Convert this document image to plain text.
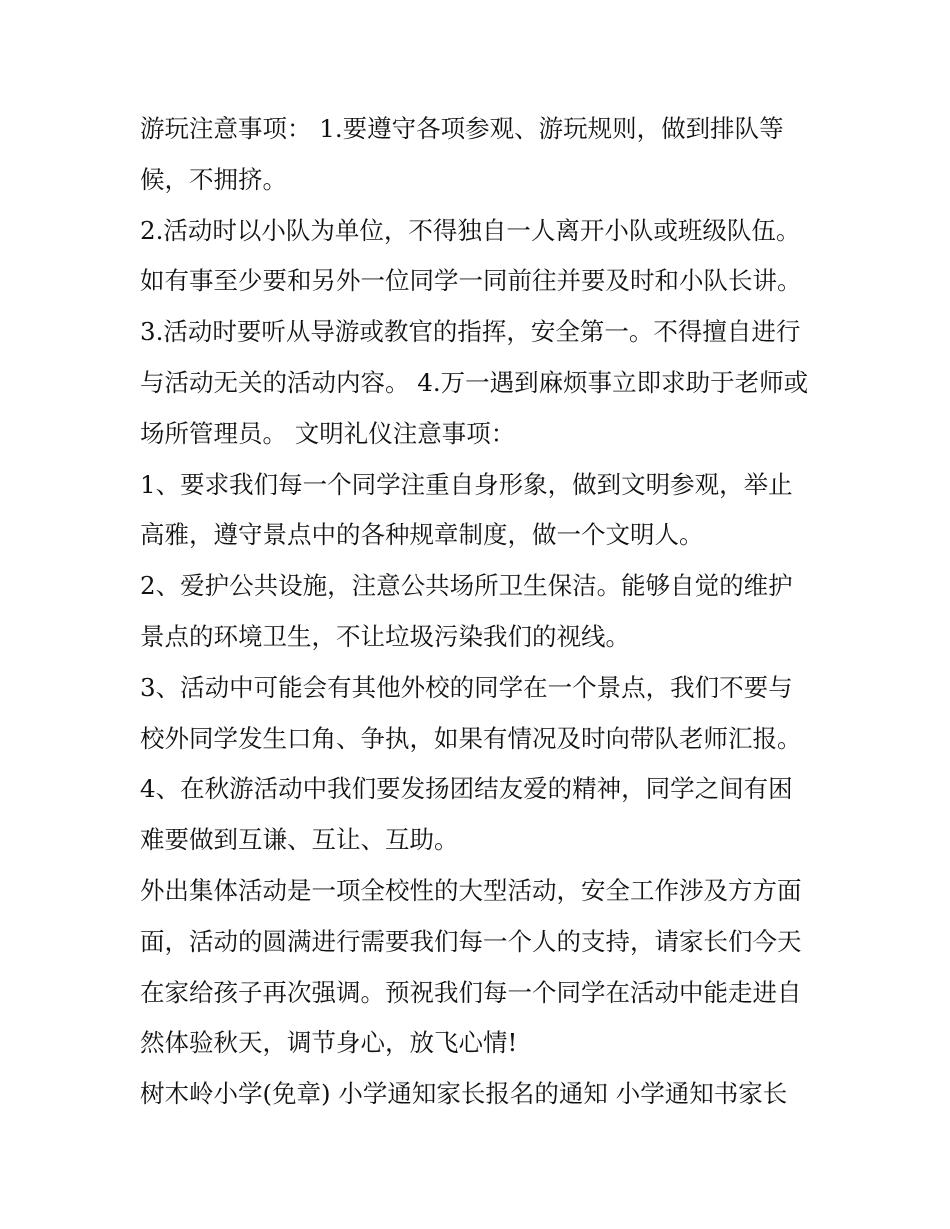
游玩注意事项： 1.要遵守各项参观、游玩规则，做到排队等
候，不拥挤。
2.活动时以小队为单位，不得独自一人离开小队或班级队伍。
如有事至少要和另外一位同学一同前往并要及时和小队长讲。
3.活动时要听从导游或教官的指挥，安全第一。不得擅自进行
与活动无关的活动内容。 4.万一遇到麻烦事立即求助于老师或
场所管理员。 文明礼仪注意事项：
1、要求我们每一个同学注重自身形象，做到文明参观，举止
高雅，遵守景点中的各种规章制度，做一个文明人。
2、爱护公共设施，注意公共场所卫生保洁。能够自觉的维护
景点的环境卫生，不让垃圾污染我们的视线。
3、活动中可能会有其他外校的同学在一个景点，我们不要与
校外同学发生口角、争执，如果有情况及时向带队老师汇报。
4、在秋游活动中我们要发扬团结友爱的精神，同学之间有困
难要做到互谦、互让、互助。
外出集体活动是一项全校性的大型活动，安全工作涉及方方面
面，活动的圆满进行需要我们每一个人的支持，请家长们今天
在家给孩子再次强调。预祝我们每一个同学在活动中能走进自
然体验秋天，调节身心，放飞心情!
树木岭小学(免章) 小学通知家长报名的通知 小学通知书家长
